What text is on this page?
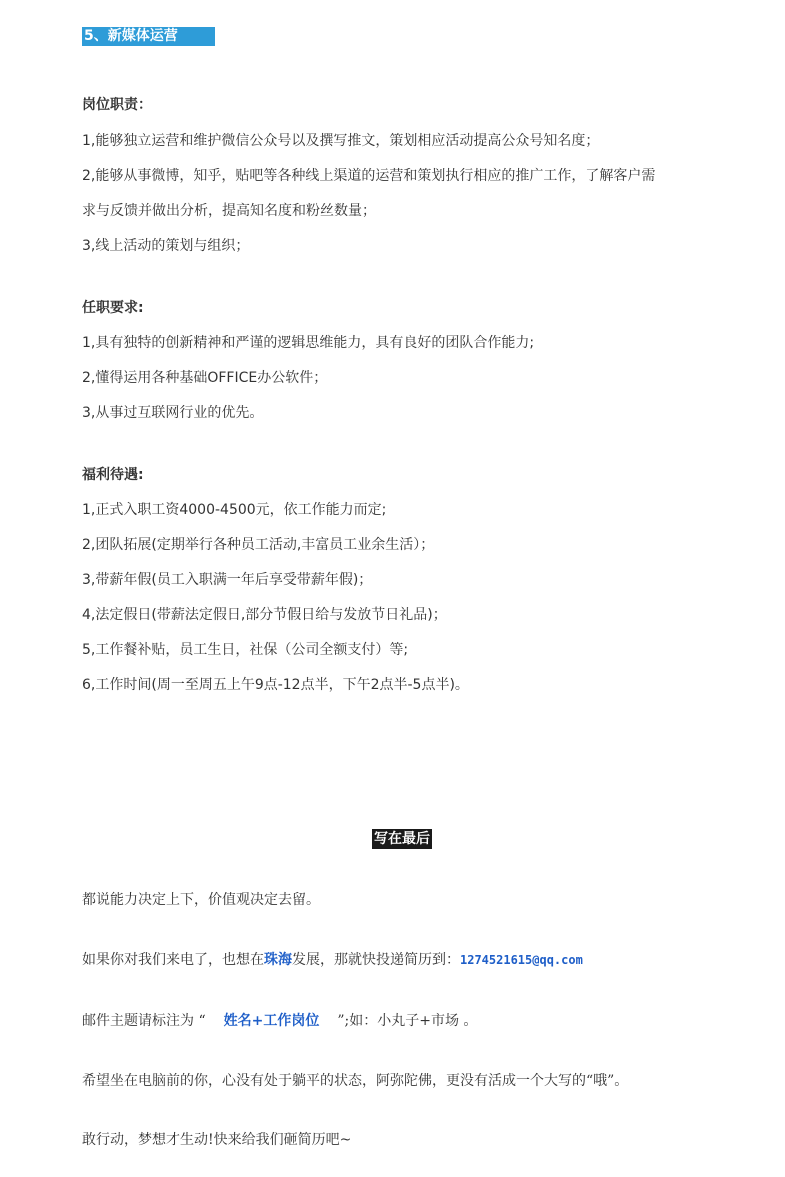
5、新媒体运营
岗位职责：
1,能够独立运营和维护微信公众号以及撰写推文，策划相应活动提高公众号知名度；
2,能够从事微博，知乎，贴吧等各种线上渠道的运营和策划执行相应的推广工作，了解客户需
求与反馈并做出分析，提高知名度和粉丝数量；
3,线上活动的策划与组织；
任职要求:
1,具有独特的创新精神和严谨的逻辑思维能力，具有良好的团队合作能力;
2,懂得运用各种基础OFFICE办公软件；
3,从事过互联网行业的优先。
福利待遇:
1,正式入职工资4000-4500元，依工作能力而定;
2,团队拓展(定期举行各种员工活动,丰富员工业余生活）；
3,带薪年假(员工入职满一年后享受带薪年假)；
4,法定假日(带薪法定假日,部分节假日给与发放节日礼品)；
5,工作餐补贴，员工生日，社保（公司全额支付）等;
6,工作时间(周一至周五上午9点-12点半，下午2点半-5点半)。
写在最后
都说能力决定上下，价值观决定去留。
如果你对我们来电了，也想在珠海发展，那就快投递简历到：1274521615@qq.com
邮件主题请标注为 “ 姓名+工作岗位 ”;如：小丸子+市场 。
希望坐在电脑前的你，心没有处于躺平的状态，阿弥陀佛，更没有活成一个大写的“哦”。
敢行动，梦想才生动!快来给我们砸简历吧~
